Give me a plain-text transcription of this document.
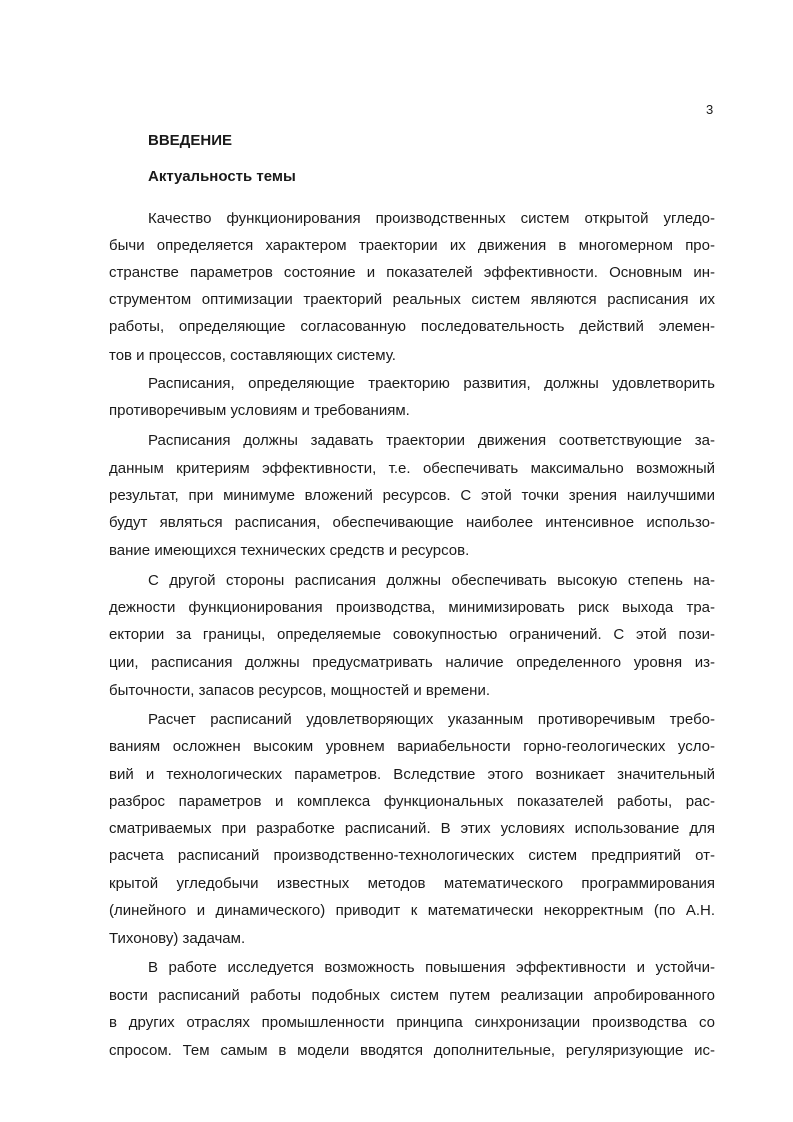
3
ВВЕДЕНИЕ
Актуальность темы
Качество функционирования производственных систем открытой угледо-
бычи определяется характером траектории их движения в многомерном про-
странстве параметров состояние и показателей эффективности. Основным ин-
струментом оптимизации траекторий реальных систем являются расписания их
работы, определяющие согласованную последовательность действий элемен-
тов и процессов, составляющих систему.
Расписания, определяющие траекторию развития, должны удовлетворить
противоречивым условиям и требованиям.
Расписания должны задавать траектории движения соответствующие за-
данным критериям эффективности, т.е. обеспечивать максимально возможный
результат, при минимуме вложений ресурсов. С этой точки зрения наилучшими
будут являться расписания, обеспечивающие наиболее интенсивное использо-
вание имеющихся технических средств и ресурсов.
С другой стороны расписания должны обеспечивать высокую степень на-
дежности функционирования производства, минимизировать риск выхода тра-
ектории за границы, определяемые совокупностью ограничений. С этой пози-
ции, расписания должны предусматривать наличие определенного уровня из-
быточности, запасов ресурсов, мощностей и времени.
Расчет расписаний удовлетворяющих указанным противоречивым требо-
ваниям осложнен высоким уровнем вариабельности горно-геологических усло-
вий и технологических параметров. Вследствие этого возникает значительный
разброс параметров и комплекса функциональных показателей работы, рас-
сматриваемых при разработке расписаний. В этих условиях использование для
расчета расписаний производственно-технологических систем предприятий от-
крытой угледобычи известных методов математического программирования
(линейного и динамического) приводит к математически некорректным (по А.Н.
Тихонову) задачам.
В работе исследуется возможность повышения эффективности и устойчи-
вости расписаний работы подобных систем путем реализации апробированного
в других отраслях промышленности принципа синхронизации производства со
спросом. Тем самым в модели вводятся дополнительные, регуляризующие ис-
